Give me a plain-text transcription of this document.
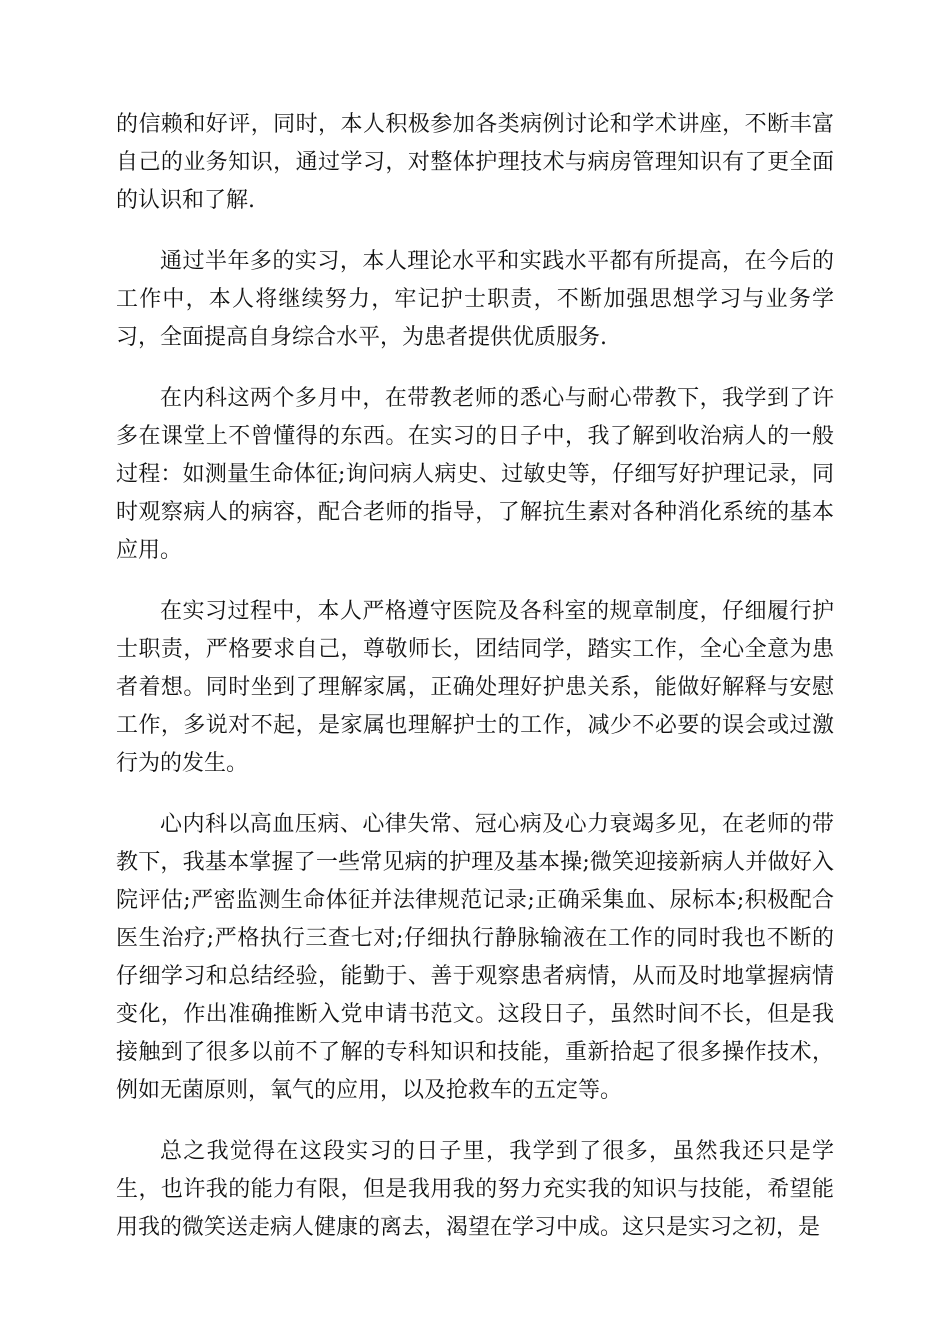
的信赖和好评，同时，本人积极参加各类病例讨论和学术讲座，不断丰富自己的业务知识，通过学习，对整体护理技术与病房管理知识有了更全面的认识和了解.

通过半年多的实习，本人理论水平和实践水平都有所提高，在今后的工作中，本人将继续努力，牢记护士职责，不断加强思想学习与业务学习，全面提高自身综合水平，为患者提供优质服务.

在内科这两个多月中，在带教老师的悉心与耐心带教下，我学到了许多在课堂上不曾懂得的东西。在实习的日子中，我了解到收治病人的一般过程：如测量生命体征;询问病人病史、过敏史等，仔细写好护理记录，同时观察病人的病容，配合老师的指导，了解抗生素对各种消化系统的基本应用。

在实习过程中，本人严格遵守医院及各科室的规章制度，仔细履行护士职责，严格要求自己，尊敬师长，团结同学，踏实工作，全心全意为患者着想。同时坐到了理解家属，正确处理好护患关系，能做好解释与安慰工作，多说对不起，是家属也理解护士的工作，减少不必要的误会或过激行为的发生。

心内科以高血压病、心律失常、冠心病及心力衰竭多见，在老师的带教下，我基本掌握了一些常见病的护理及基本操;微笑迎接新病人并做好入院评估;严密监测生命体征并法律规范记录;正确采集血、尿标本;积极配合医生治疗;严格执行三查七对;仔细执行静脉输液在工作的同时我也不断的仔细学习和总结经验，能勤于、善于观察患者病情，从而及时地掌握病情变化，作出准确推断入党申请书范文。这段日子，虽然时间不长，但是我接触到了很多以前不了解的专科知识和技能，重新拾起了很多操作技术，例如无菌原则，氧气的应用，以及抢救车的五定等。

总之我觉得在这段实习的日子里，我学到了很多，虽然我还只是学生，也许我的能力有限，但是我用我的努力充实我的知识与技能，希望能用我的微笑送走病人健康的离去，渴望在学习中成。这只是实习之初，是
